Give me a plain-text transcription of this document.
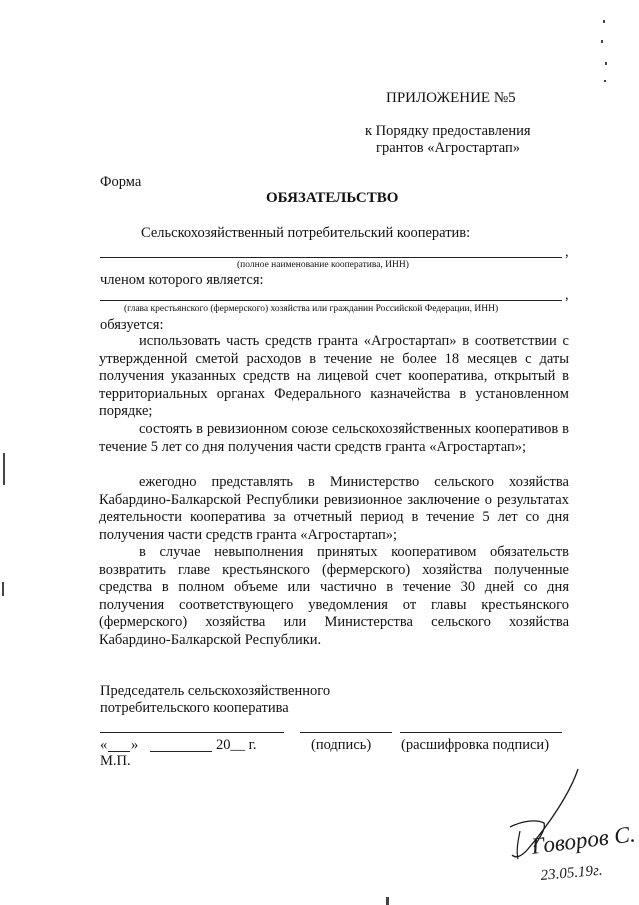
ПРИЛОЖЕНИЕ №5
к Порядку предоставления
грантов «Агростартап»
Форма
ОБЯЗАТЕЛЬСТВО
Сельскохозяйственный потребительский кооператив:
,
(полное наименование кооператива, ИНН)
членом которого является:
,
(глава крестьянского (фермерского) хозяйства или гражданин Российской Федерации, ИНН)
обязуется:
использовать часть средств гранта «Агростартап» в соответствии с утвержденной сметой расходов в течение не более 18 месяцев с даты получения указанных средств на лицевой счет кооператива, открытый в территориальных органах Федерального казначейства в установленном порядке;
состоять в ревизионном союзе сельскохозяйственных кооперативов в течение 5 лет со дня получения части средств гранта «Агростартап»;
ежегодно представлять в Министерство сельского хозяйства Кабардино-Балкарской Республики ревизионное заключение о результатах деятельности кооператива за отчетный период в течение 5 лет со дня получения части средств гранта «Агростартап»;
в случае невыполнения принятых кооперативом обязательств возвратить главе крестьянского (фермерского) хозяйства полученные средства в полном объеме или частично в течение 30 дней со дня получения соответствующего уведомления от главы крестьянского (фермерского) хозяйства или Министерства сельского хозяйства Кабардино-Балкарской Республики.
Председатель сельскохозяйственного
потребительского кооператива
« »	20__ г.	(подпись) (расшифровка подписи)
М.П.
Говоров С.
23.05.19г.
